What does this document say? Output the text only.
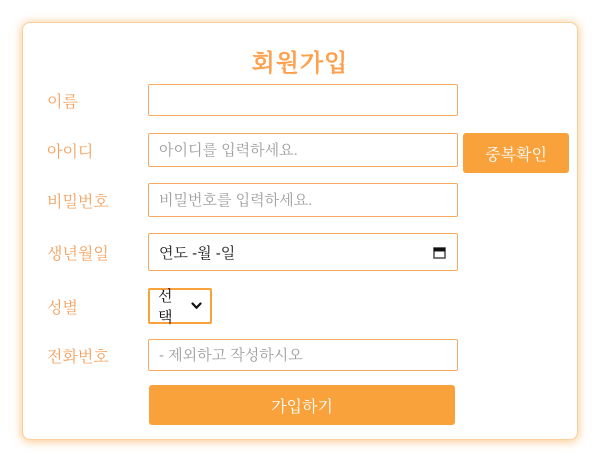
회원가입
이름
아이디
아이디를 입력하세요.	중복확인
비밀번호
비밀번호를 입력하세요.
생년월일	연도 -월 -일
성별
선택
전화번호
- 제외하고 작성하시오
가입하기
